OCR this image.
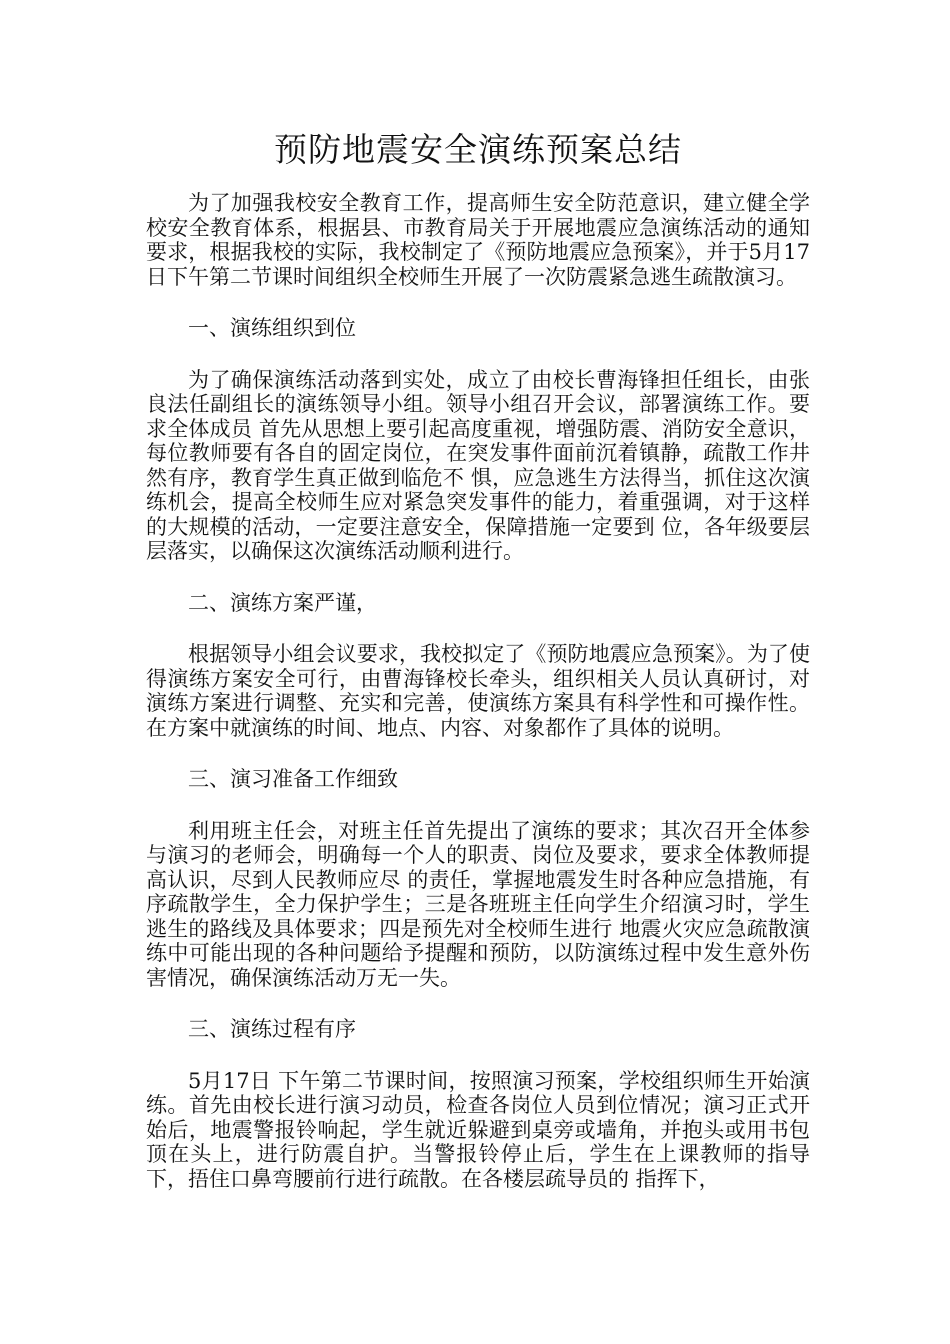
预防地震安全演练预案总结

为了加强我校安全教育工作，提高师生安全防范意识，建立健全学校安全教育体系，根据县、市教育局关于开展地震应急演练活动的通知要求，根据我校的实际，我校制定了《预防地震应急预案》，并于5月17日下午第二节课时间组织全校师生开展了一次防震紧急逃生疏散演习。

一、演练组织到位

为了确保演练活动落到实处，成立了由校长曹海锋担任组长，由张良法任副组长的演练领导小组。领导小组召开会议，部署演练工作。要求全体成员 首先从思想上要引起高度重视，增强防震、消防安全意识，每位教师要有各自的固定岗位，在突发事件面前沉着镇静，疏散工作井然有序，教育学生真正做到临危不 惧，应急逃生方法得当，抓住这次演练机会，提高全校师生应对紧急突发事件的能力，着重强调，对于这样的大规模的活动，一定要注意安全，保障措施一定要到 位，各年级要层层落实，以确保这次演练活动顺利进行。

二、演练方案严谨，

根据领导小组会议要求，我校拟定了《预防地震应急预案》。为了使得演练方案安全可行，由曹海锋校长牵头，组织相关人员认真研讨，对演练方案进行调整、充实和完善，使演练方案具有科学性和可操作性。在方案中就演练的时间、地点、内容、对象都作了具体的说明。

三、演习准备工作细致

利用班主任会，对班主任首先提出了演练的要求；其次召开全体参与演习的老师会，明确每一个人的职责、岗位及要求，要求全体教师提高认识，尽到人民教师应尽 的责任，掌握地震发生时各种应急措施，有序疏散学生，全力保护学生；三是各班班主任向学生介绍演习时，学生逃生的路线及具体要求；四是预先对全校师生进行 地震火灾应急疏散演练中可能出现的各种问题给予提醒和预防，以防演练过程中发生意外伤害情况，确保演练活动万无一失。

三、演练过程有序

5月17日 下午第二节课时间，按照演习预案，学校组织师生开始演练。首先由校长进行演习动员，检查各岗位人员到位情况；演习正式开始后，地震警报铃响起，学生就近躲避到桌旁或墙角，并抱头或用书包顶在头上，进行防震自护。当警报铃停止后，学生在上课教师的指导下，捂住口鼻弯腰前行进行疏散。在各楼层疏导员的 指挥下，
